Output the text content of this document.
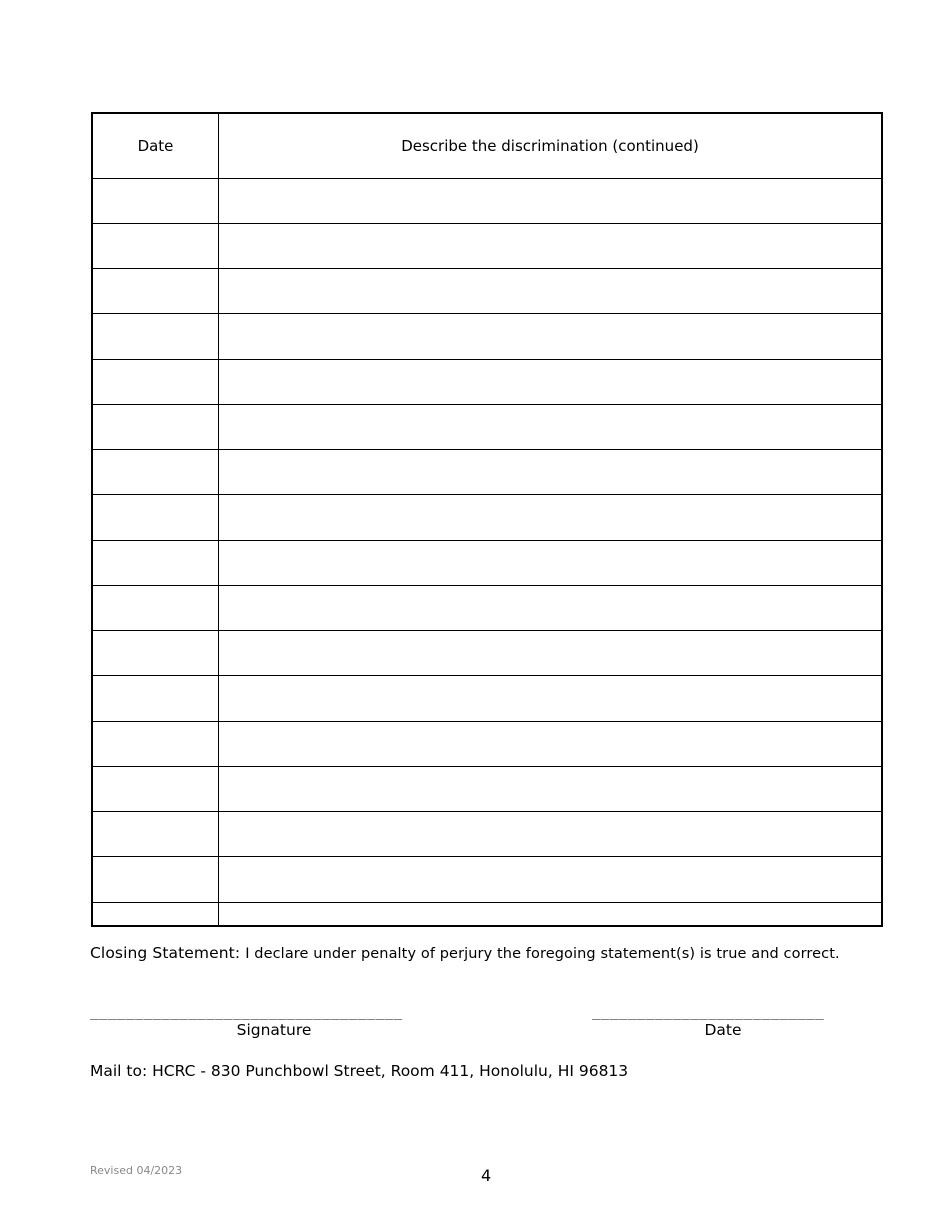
Date	Describe the discrimination (continued)

Closing Statement: I declare under penalty of perjury the foregoing statement(s) is true and correct.
___________________________________
Signature
__________________________
Date
Mail to: HCRC - 830 Punchbowl Street, Room 411, Honolulu, HI 96813
Revised 04/2023	4
